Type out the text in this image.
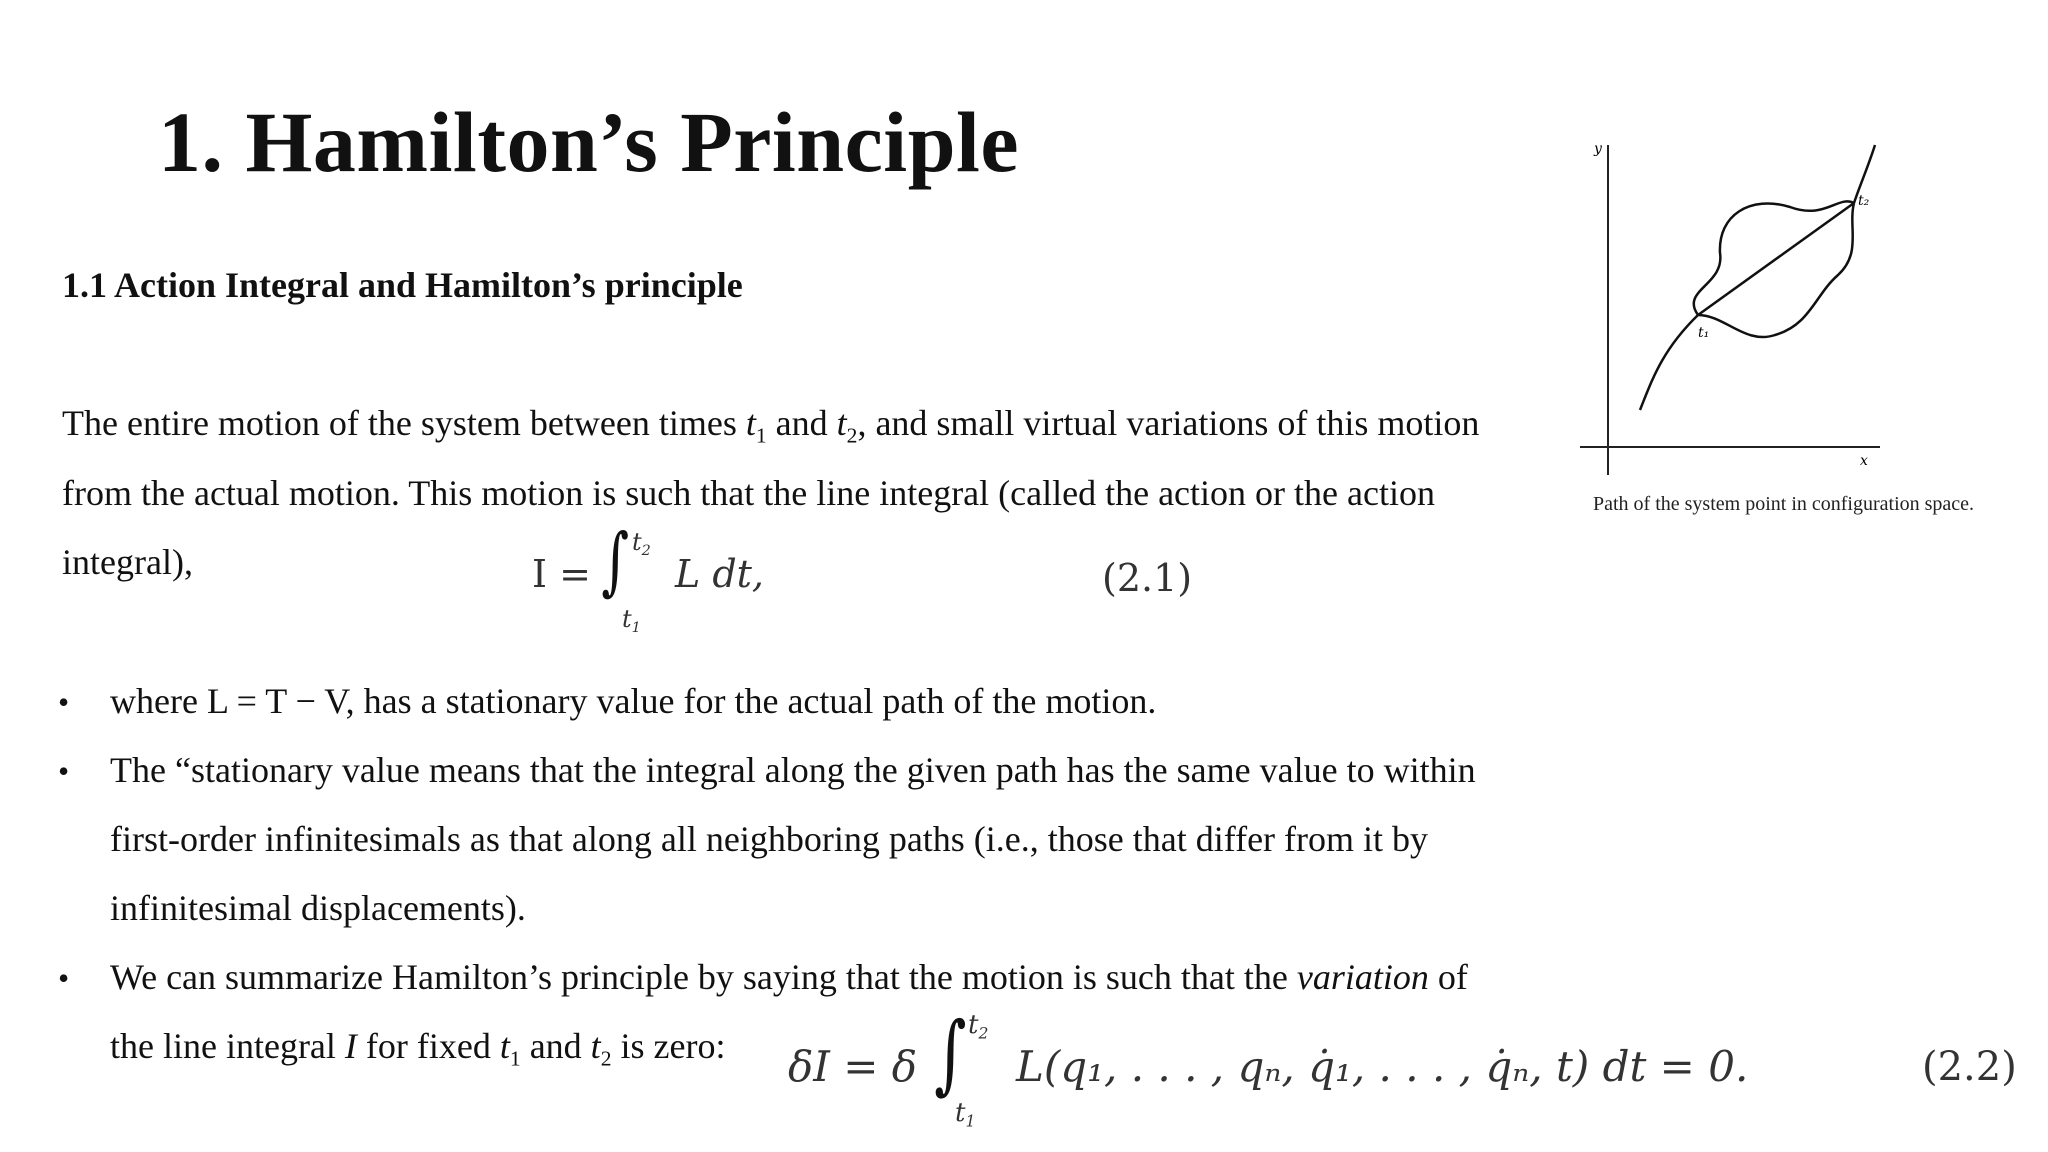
1. Hamilton’s Principle
1.1 Action Integral and Hamilton’s principle
The entire motion of the system between times $t_1$ and $t_2$, and small virtual variations of this motion
from the actual motion. This motion is such that the line integral (called the action or the action
integral),	I = ∫ $t_2$
$t_1$
L dt,	(2.1)
• where L = T − V, has a stationary value for the actual path of the motion.
• The “stationary value means that the integral along the given path has the same value to within
first-order infinitesimals as that along all neighboring paths (i.e., those that differ from it by
infinitesimal displacements).
• We can summarize Hamilton’s principle by saying that the motion is such that the variation of
the line integral I for fixed $t_1$ and $t_2$ is zero: δI = δ ∫ $t_2$
$t_1$
L(q₁, . . . , qₙ, q̇₁, . . . , q̇ₙ, t) dt = 0.	(2.2)
y
x
t₁
t₂
Path of the system point in configuration space.
